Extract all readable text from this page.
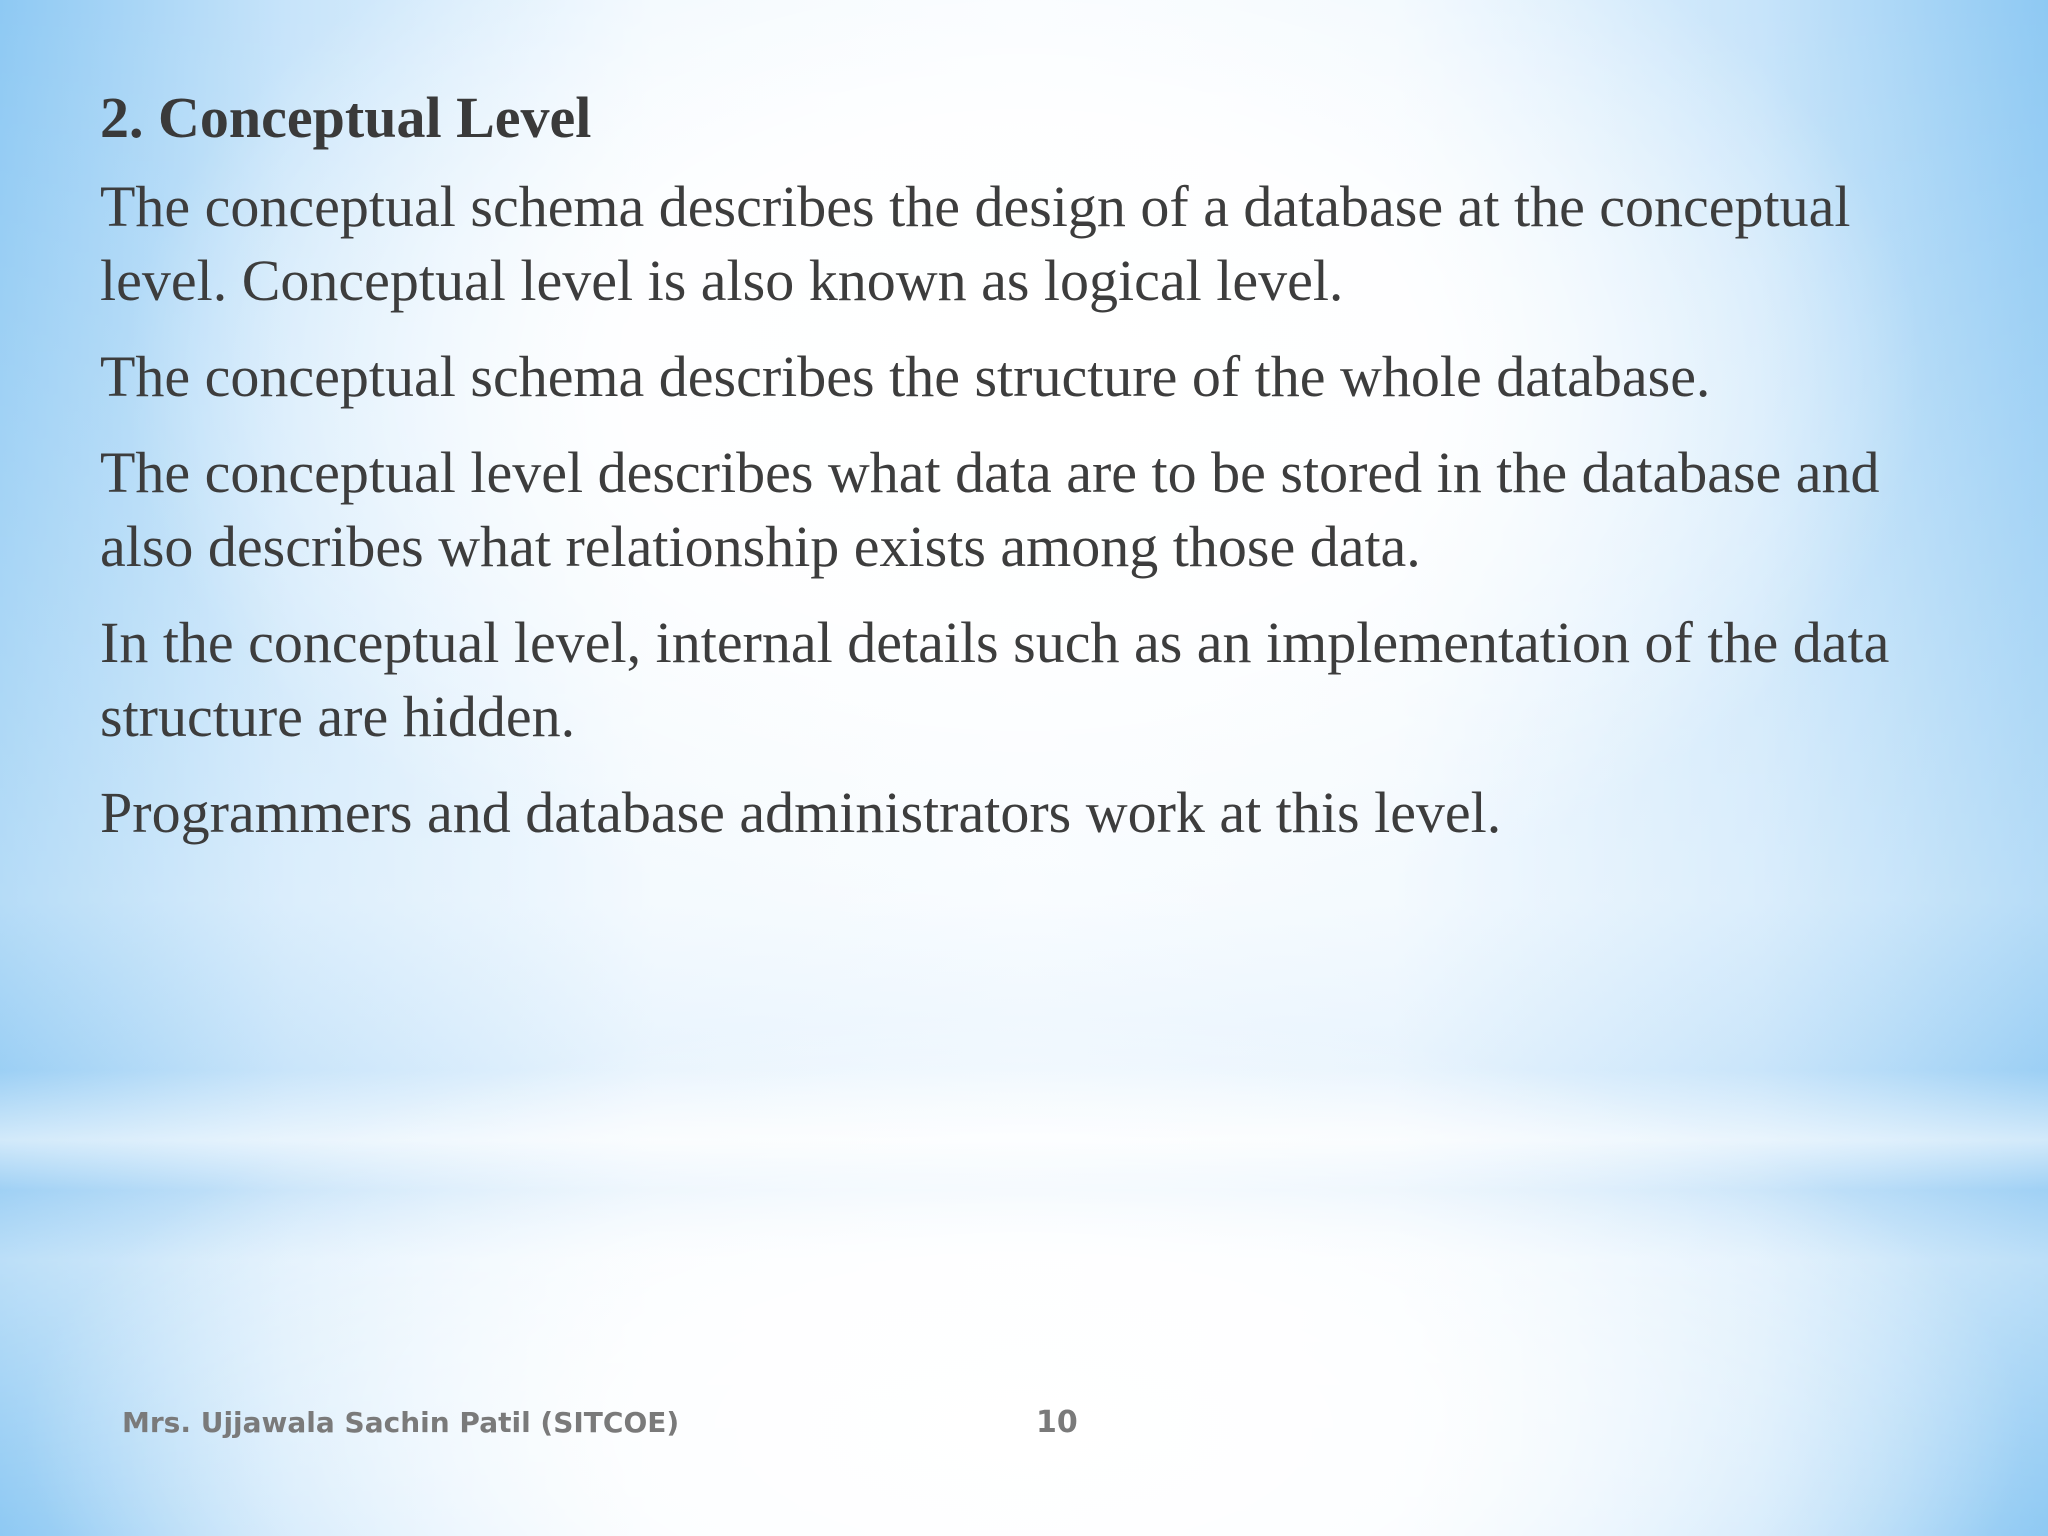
2. Conceptual Level

The conceptual schema describes the design of a database at the conceptual level. Conceptual level is also known as logical level.

The conceptual schema describes the structure of the whole database.

The conceptual level describes what data are to be stored in the database and also describes what relationship exists among those data.

In the conceptual level, internal details such as an implementation of the data structure are hidden.

Programmers and database administrators work at this level.

Mrs. Ujjawala Sachin Patil (SITCOE)	10
